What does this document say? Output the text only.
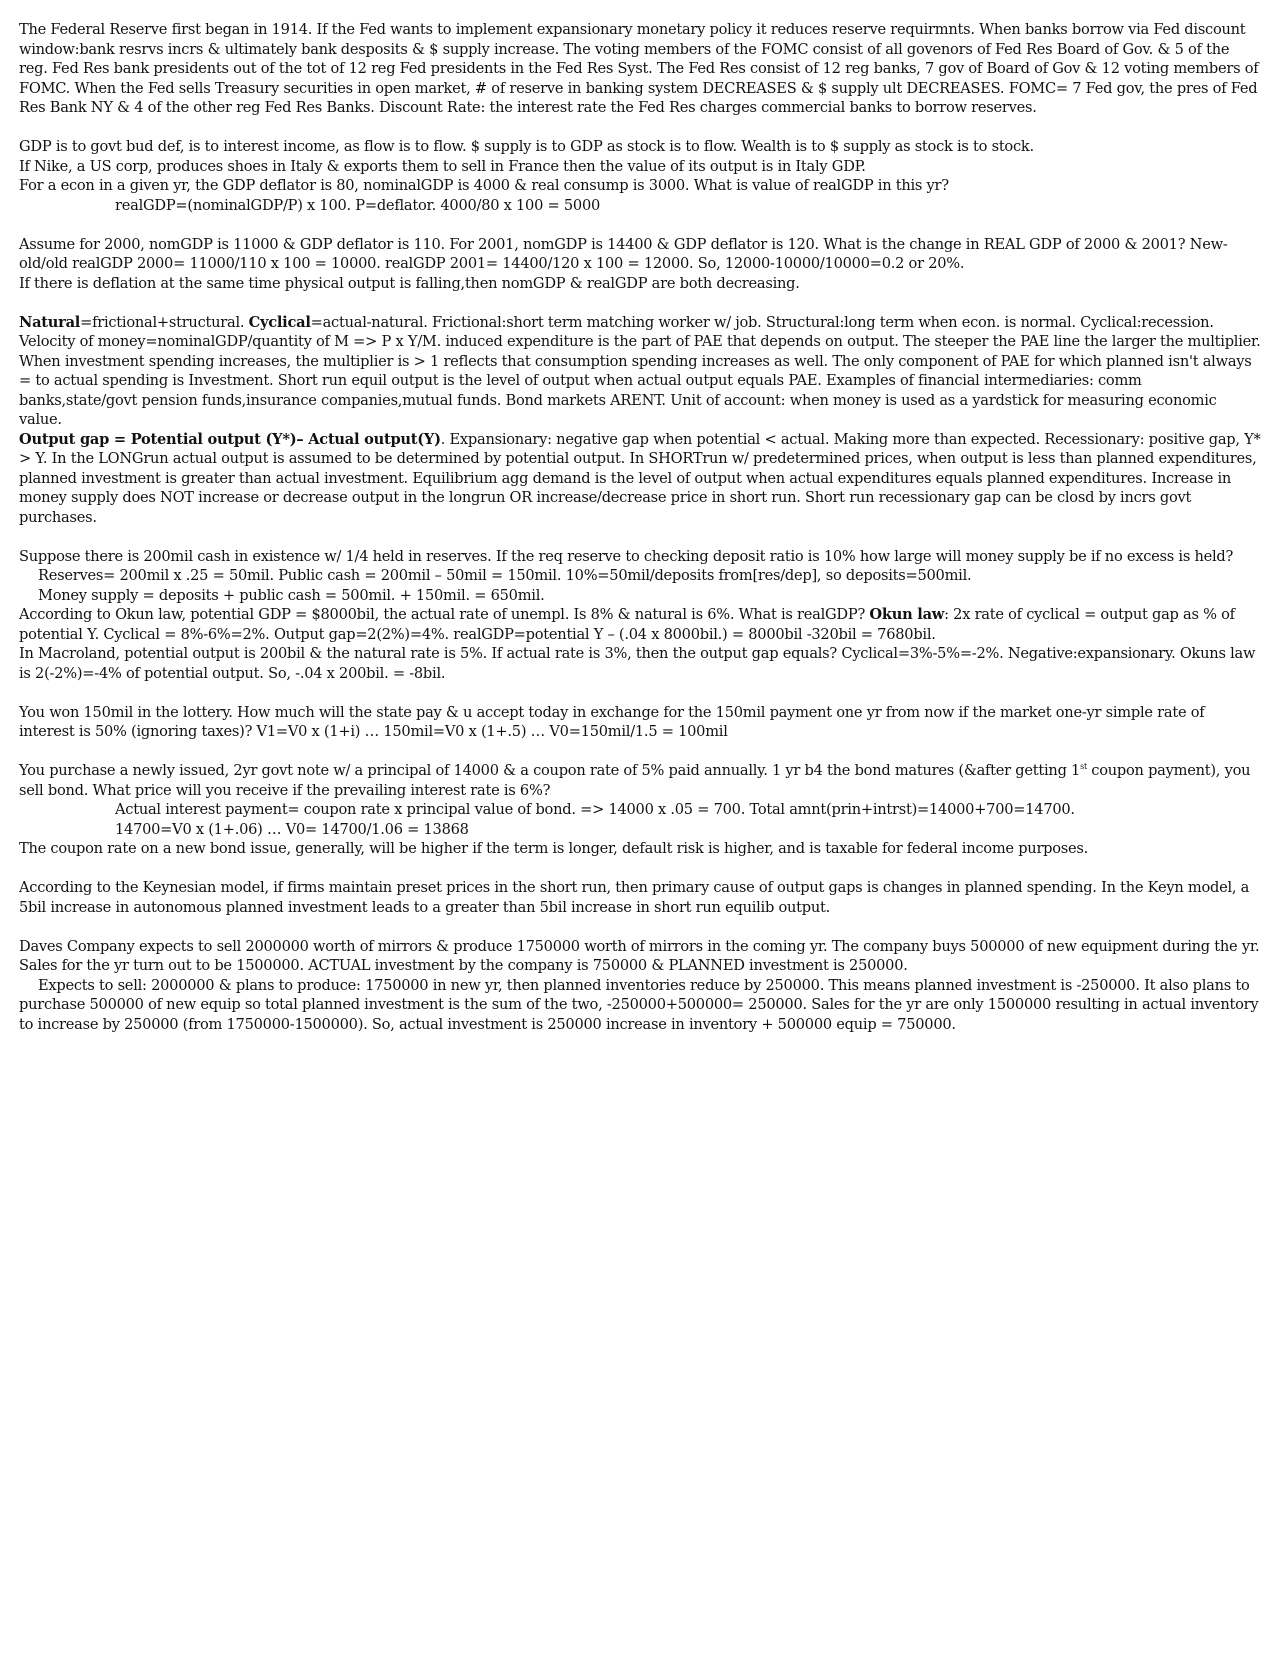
The Federal Reserve first began in 1914. If the Fed wants to implement expansionary monetary policy it reduces reserve requirmnts. When banks borrow via Fed discount window:bank resrvs incrs & ultimately bank desposits & $ supply increase. The voting members of the FOMC consist of all govenors of Fed Res Board of Gov. & 5 of the reg. Fed Res bank presidents out of the tot of 12 reg Fed presidents in the Fed Res Syst. The Fed Res consist of 12 reg banks, 7 gov of Board of Gov & 12 voting members of FOMC. When the Fed sells Treasury securities in open market, # of reserve in banking system DECREASES & $ supply ult DECREASES. FOMC= 7 Fed gov, the pres of Fed Res Bank NY & 4 of the other reg Fed Res Banks. Discount Rate: the interest rate the Fed Res charges commercial banks to borrow reserves.

GDP is to govt bud def, is to interest income, as flow is to flow. $ supply is to GDP as stock is to flow. Wealth is to $ supply as stock is to stock.

If Nike, a US corp, produces shoes in Italy & exports them to sell in France then the value of its output is in Italy GDP.

For a econ in a given yr, the GDP deflator is 80, nominalGDP is 4000 & real consump is 3000. What is value of realGDP in this yr?

realGDP=(nominalGDP/P) x 100. P=deflator. 4000/80 x 100 = 5000

Assume for 2000, nomGDP is 11000 & GDP deflator is 110. For 2001, nomGDP is 14400 & GDP deflator is 120. What is the change in REAL GDP of 2000 & 2001? New-old/old realGDP 2000= 11000/110 x 100 = 10000. realGDP 2001= 14400/120 x 100 = 12000. So, 12000-10000/10000=0.2 or 20%.

If there is deflation at the same time physical output is falling,then nomGDP & realGDP are both decreasing.

Natural=frictional+structural. Cyclical=actual-natural. Frictional:short term matching worker w/ job. Structural:long term when econ. is normal. Cyclical:recession. Velocity of money=nominalGDP/quantity of M => P x Y/M. induced expenditure is the part of PAE that depends on output. The steeper the PAE line the larger the multiplier. When investment spending increases, the multiplier is > 1 reflects that consumption spending increases as well. The only component of PAE for which planned isn't always = to actual spending is Investment. Short run equil output is the level of output when actual output equals PAE. Examples of financial intermediaries: comm banks,state/govt pension funds,insurance companies,mutual funds. Bond markets ARENT. Unit of account: when money is used as a yardstick for measuring economic value.
Output gap = Potential output (Y*)– Actual output(Y). Expansionary: negative gap when potential < actual. Making more than expected. Recessionary: positive gap, Y* > Y. In the LONGrun actual output is assumed to be determined by potential output. In SHORTrun w/ predetermined prices, when output is less than planned expenditures, planned investment is greater than actual investment. Equilibrium agg demand is the level of output when actual expenditures equals planned expenditures. Increase in money supply does NOT increase or decrease output in the longrun OR increase/decrease price in short run. Short run recessionary gap can be closd by incrs govt purchases.

Suppose there is 200mil cash in existence w/ 1/4 held in reserves. If the req reserve to checking deposit ratio is 10% how large will money supply be if no excess is held?

Reserves= 200mil x .25 = 50mil. Public cash = 200mil – 50mil = 150mil. 10%=50mil/deposits from[res/dep], so deposits=500mil.

Money supply = deposits + public cash = 500mil. + 150mil. = 650mil.

According to Okun law, potential GDP = $8000bil, the actual rate of unempl. Is 8% & natural is 6%. What is realGDP? Okun law: 2x rate of cyclical = output gap as % of potential Y. Cyclical = 8%-6%=2%. Output gap=2(2%)=4%. realGDP=potential Y – (.04 x 8000bil.) = 8000bil -320bil = 7680bil.

In Macroland, potential output is 200bil & the natural rate is 5%. If actual rate is 3%, then the output gap equals? Cyclical=3%-5%=-2%. Negative:expansionary. Okuns law is 2(-2%)=-4% of potential output. So, -.04 x 200bil. = -8bil.

You won 150mil in the lottery. How much will the state pay & u accept today in exchange for the 150mil payment one yr from now if the market one-yr simple rate of interest is 50% (ignoring taxes)? V1=V0 x (1+i) … 150mil=V0 x (1+.5) … V0=150mil/1.5 = 100mil

You purchase a newly issued, 2yr govt note w/ a principal of 14000 & a coupon rate of 5% paid annually. 1 yr b4 the bond matures (&after getting 1st coupon payment), you sell bond. What price will you receive if the prevailing interest rate is 6%?

Actual interest payment= coupon rate x principal value of bond. => 14000 x .05 = 700. Total amnt(prin+intrst)=14000+700=14700.

14700=V0 x (1+.06) … V0= 14700/1.06 = 13868

The coupon rate on a new bond issue, generally, will be higher if the term is longer, default risk is higher, and is taxable for federal income purposes.

According to the Keynesian model, if firms maintain preset prices in the short run, then primary cause of output gaps is changes in planned spending. In the Keyn model, a 5bil increase in autonomous planned investment leads to a greater than 5bil increase in short run equilib output.

Daves Company expects to sell 2000000 worth of mirrors & produce 1750000 worth of mirrors in the coming yr. The company buys 500000 of new equipment during the yr. Sales for the yr turn out to be 1500000. ACTUAL investment by the company is 750000 & PLANNED investment is 250000.

Expects to sell: 2000000 & plans to produce: 1750000 in new yr, then planned inventories reduce by 250000. This means planned investment is -250000. It also plans to purchase 500000 of new equip so total planned investment is the sum of the two, -250000+500000= 250000. Sales for the yr are only 1500000 resulting in actual inventory to increase by 250000 (from 1750000-1500000). So, actual investment is 250000 increase in inventory + 500000 equip = 750000.
